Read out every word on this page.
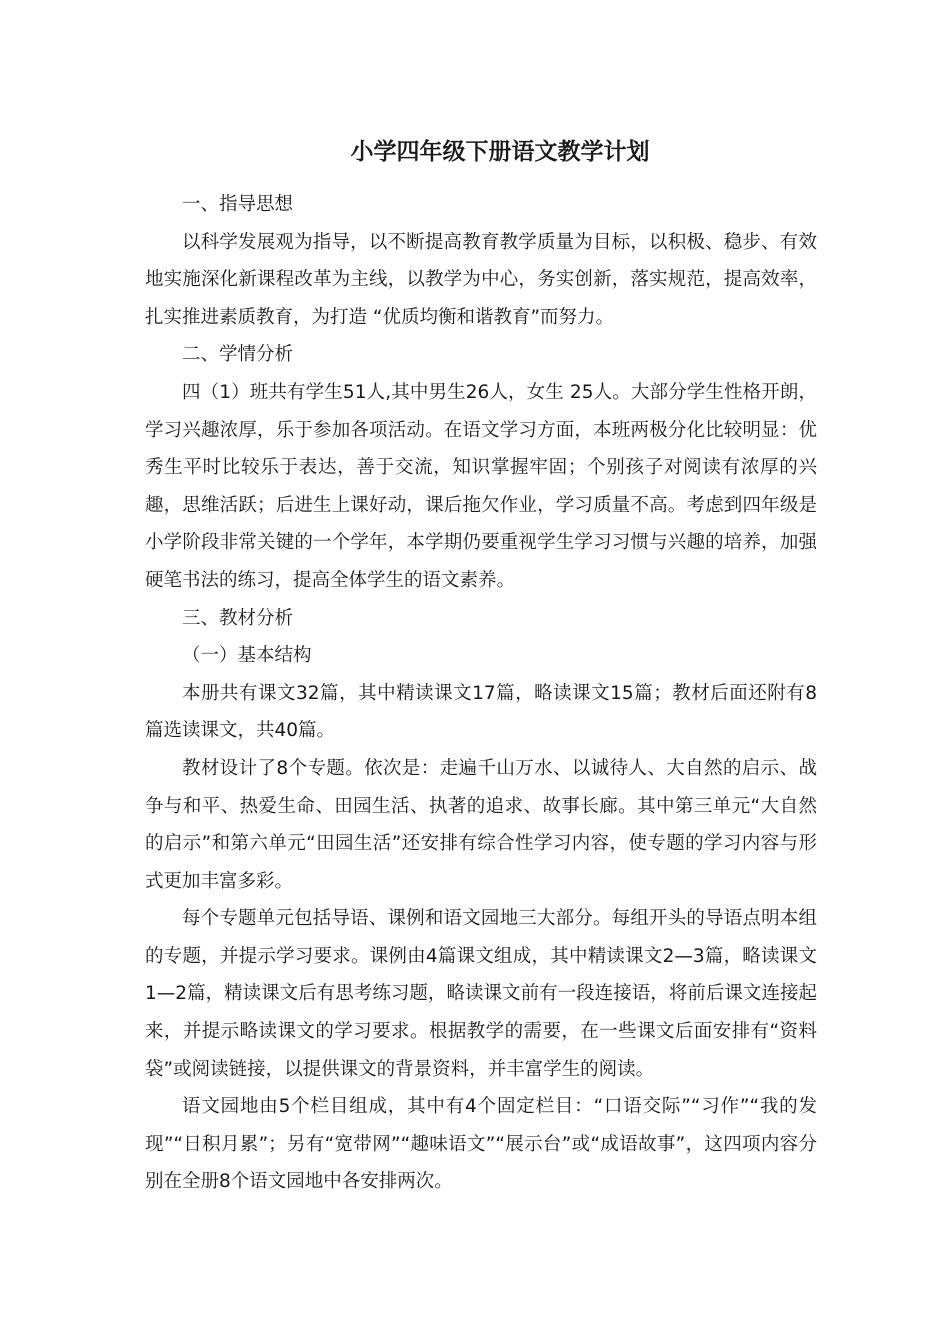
小学四年级下册语文教学计划

一、指导思想

以科学发展观为指导，以不断提高教育教学质量为目标，以积极、稳步、有效地实施深化新课程改革为主线，以教学为中心，务实创新，落实规范，提高效率，扎实推进素质教育，为打造 “优质均衡和谐教育”而努力。

二、学情分析

四（1）班共有学生51人,其中男生26人，女生 25人。大部分学生性格开朗，学习兴趣浓厚，乐于参加各项活动。在语文学习方面，本班两极分化比较明显：优秀生平时比较乐于表达，善于交流，知识掌握牢固；个别孩子对阅读有浓厚的兴趣，思维活跃；后进生上课好动，课后拖欠作业，学习质量不高。考虑到四年级是小学阶段非常关键的一个学年，本学期仍要重视学生学习习惯与兴趣的培养，加强硬笔书法的练习，提高全体学生的语文素养。

三、教材分析

（一）基本结构

本册共有课文32篇，其中精读课文17篇，略读课文15篇；教材后面还附有8篇选读课文，共40篇。

教材设计了8个专题。依次是：走遍千山万水、以诚待人、大自然的启示、战争与和平、热爱生命、田园生活、执著的追求、故事长廊。其中第三单元“大自然的启示”和第六单元“田园生活”还安排有综合性学习内容，使专题的学习内容与形式更加丰富多彩。

每个专题单元包括导语、课例和语文园地三大部分。每组开头的导语点明本组的专题，并提示学习要求。课例由4篇课文组成，其中精读课文2—3篇，略读课文1—2篇，精读课文后有思考练习题，略读课文前有一段连接语，将前后课文连接起来，并提示略读课文的学习要求。根据教学的需要，在一些课文后面安排有“资料袋”或阅读链接，以提供课文的背景资料，并丰富学生的阅读。

语文园地由5个栏目组成，其中有4个固定栏目：“口语交际”“习作”“我的发现”“日积月累”；另有“宽带网”“趣味语文”“展示台”或“成语故事”，这四项内容分别在全册8个语文园地中各安排两次。
